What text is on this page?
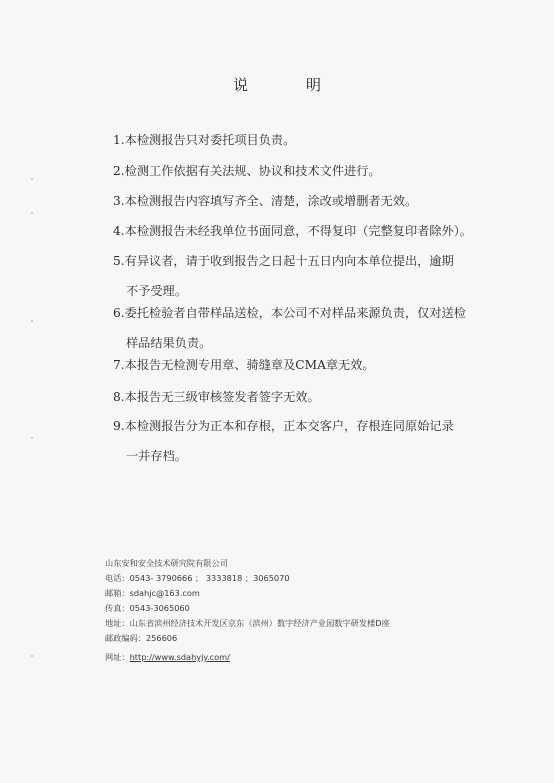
说明

1.本检测报告只对委托项目负责。

2.检测工作依据有关法规、协议和技术文件进行。

3.本检测报告内容填写齐全、清楚，涂改或增删者无效。

4.本检测报告未经我单位书面同意，不得复印（完整复印者除外）。

5.有异议者，请于收到报告之日起十五日内向本单位提出，逾期
不予受理。

6.委托检验者自带样品送检，本公司不对样品来源负责，仅对送检
样品结果负责。

7.本报告无检测专用章、骑缝章及CMA章无效。

8.本报告无三级审核签发者签字无效。

9.本检测报告分为正本和存根，正本交客户，存根连同原始记录
一并存档。

山东安和安全技术研究院有限公司
电话：0543- 3790666 ； 3333818 ；3065070
邮箱：sdahjc@163.com
传真：0543-3065060
地址：山东省滨州经济技术开发区京东（滨州）数字经济产业园数字研发楼D座
邮政编码：256606
网址：http://www.sdahyjy.com/
